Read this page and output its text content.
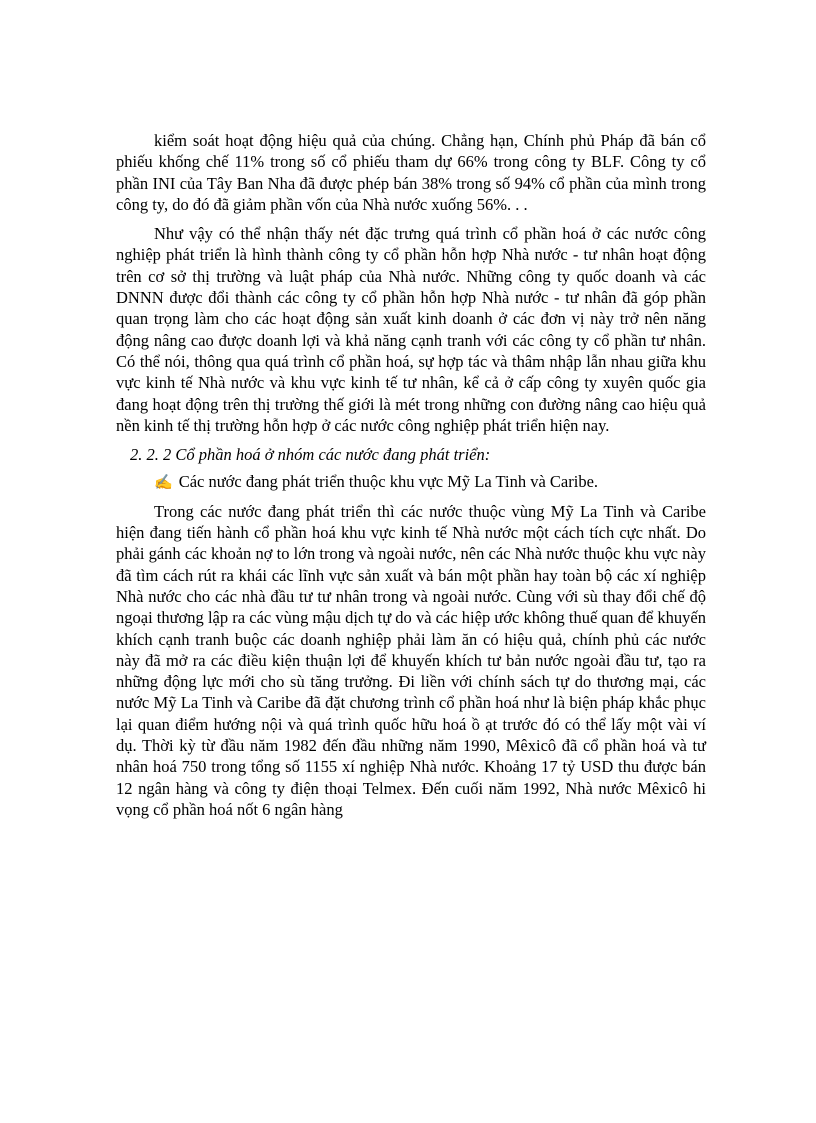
kiểm soát hoạt động hiệu quả của chúng. Chẳng hạn, Chính phủ Pháp đã bán cổ phiếu khống chế 11% trong số cổ phiếu tham dự 66% trong công ty BLF. Công ty cổ phần INI của Tây Ban Nha đã được phép bán 38% trong số 94% cổ phần của mình trong công ty, do đó đã giảm phần vốn của Nhà nước xuống 56%. . .

Như vậy có thể nhận thấy nét đặc trưng quá trình cổ phần hoá ở các nước công nghiệp phát triển là hình thành công ty cổ phần hỗn hợp Nhà nước - tư nhân hoạt động trên cơ sở thị trường và luật pháp của Nhà nước. Những công ty quốc doanh và các DNNN được đổi thành các công ty cổ phần hỗn hợp Nhà nước - tư nhân đã góp phần quan trọng làm cho các hoạt động sản xuất kinh doanh ở các đơn vị này trở nên năng động nâng cao được doanh lợi và khả năng cạnh tranh với các công ty cổ phần tư nhân. Có thể nói, thông qua quá trình cổ phần hoá, sự hợp tác và thâm nhập lẫn nhau giữa khu vực kinh tế Nhà nước và khu vực kinh tế tư nhân, kể cả ở cấp công ty xuyên quốc gia đang hoạt động trên thị trường thế giới là mét trong những con đường nâng cao hiệu quả nền kinh tế thị trường hỗn hợp ở các nước công nghiệp phát triển hiện nay.

2. 2. 2 Cổ phần hoá ở nhóm các nước đang phát triển:

✍ Các nước đang phát triển thuộc khu vực Mỹ La Tinh và Caribe.

Trong các nước đang phát triển thì các nước thuộc vùng Mỹ La Tinh và Caribe hiện đang tiến hành cổ phần hoá khu vực kinh tế Nhà nước một cách tích cực nhất. Do phải gánh các khoản nợ to lớn trong và ngoài nước, nên các Nhà nước thuộc khu vực này đã tìm cách rút ra khái các lĩnh vực sản xuất và bán một phần hay toàn bộ các xí nghiệp Nhà nước cho các nhà đầu tư tư nhân trong và ngoài nước. Cùng với sù thay đổi chế độ ngoại thương lập ra các vùng mậu dịch tự do và các hiệp ước không thuế quan để khuyến khích cạnh tranh buộc các doanh nghiệp phải làm ăn có hiệu quả, chính phủ các nước này đã mở ra các điều kiện thuận lợi để khuyến khích tư bản nước ngoài đầu tư, tạo ra những động lực mới cho sù tăng trưởng. Đi liền với chính sách tự do thương mại, các nước Mỹ La Tinh và Caribe đã đặt chương trình cổ phần hoá như là biện pháp khắc phục lại quan điểm hướng nội và quá trình quốc hữu hoá ồ ạt trước đó có thể lấy một vài ví dụ. Thời kỳ từ đầu năm 1982 đến đầu những năm 1990, Mêxicô đã cổ phần hoá và tư nhân hoá 750 trong tổng số 1155 xí nghiệp Nhà nước. Khoảng 17 tỷ USD thu được bán 12 ngân hàng và công ty điện thoại Telmex. Đến cuối năm 1992, Nhà nước Mêxicô hi vọng cổ phần hoá nốt 6 ngân hàng
